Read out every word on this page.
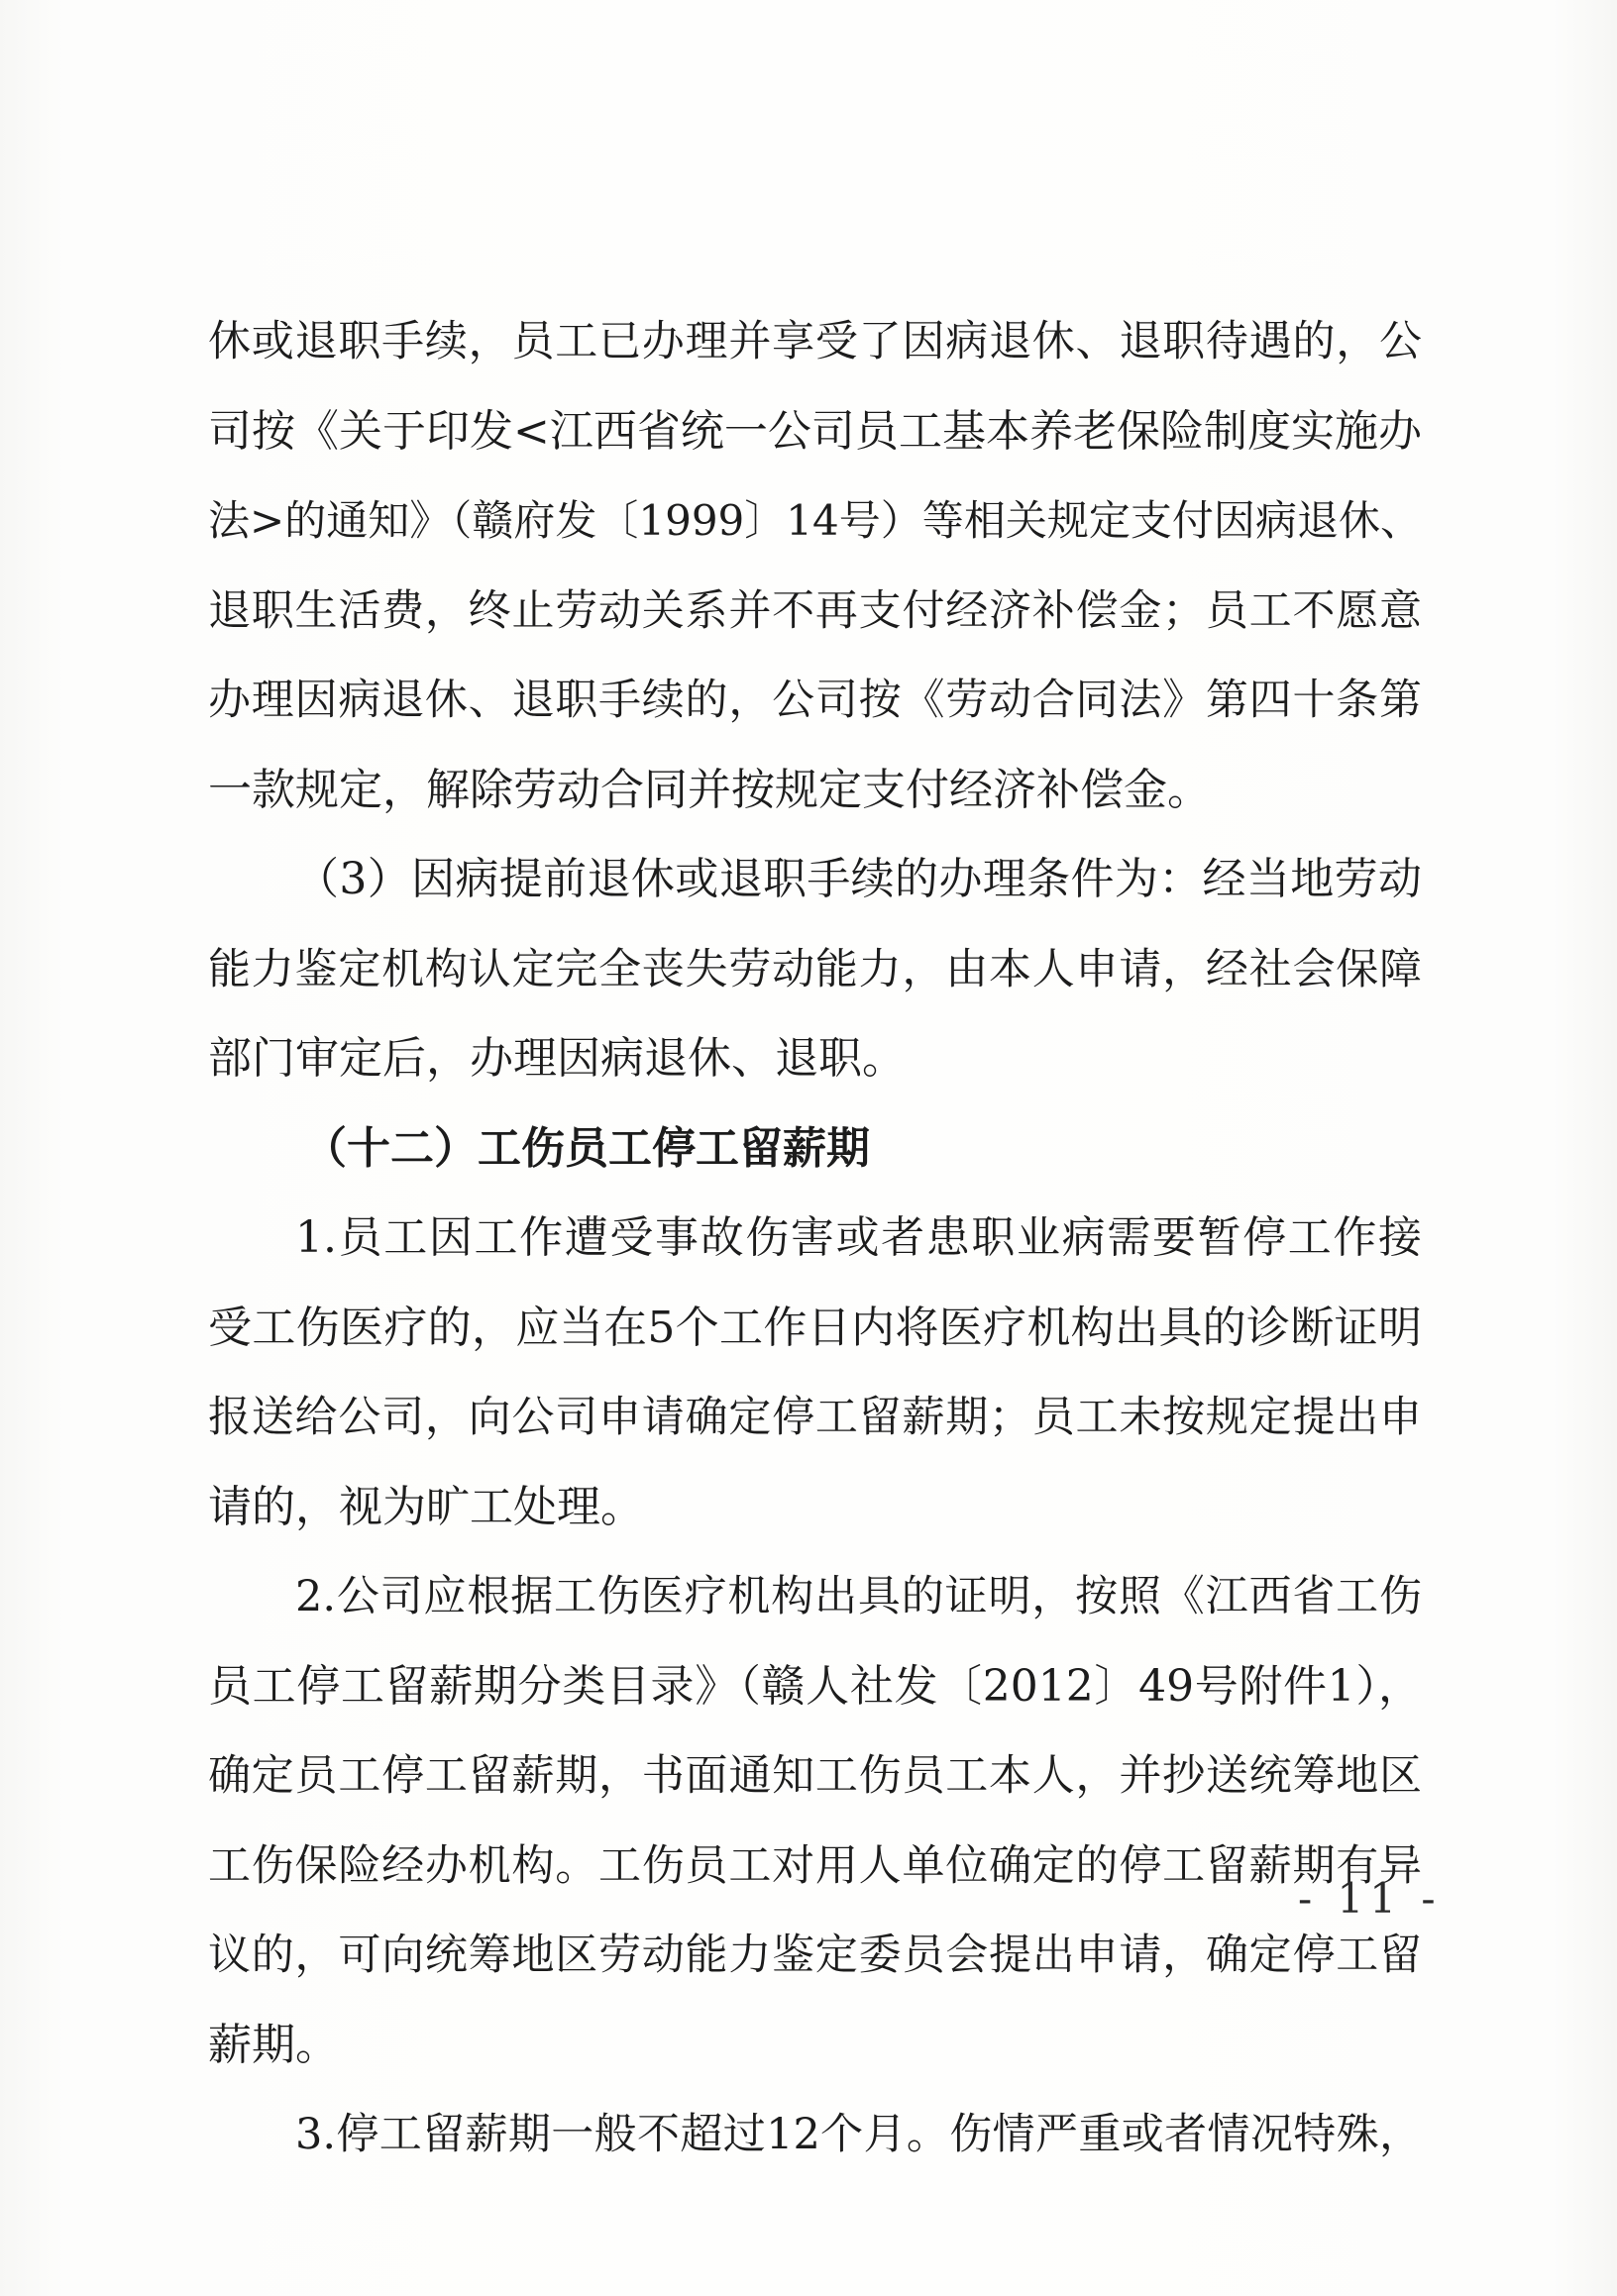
休或退职手续，员工已办理并享受了因病退休、退职待遇的，公
司按《关于印发<江西省统一公司员工基本养老保险制度实施办
法>的通知》（赣府发〔1999〕14号）等相关规定支付因病退休、
退职生活费，终止劳动关系并不再支付经济补偿金；员工不愿意
办理因病退休、退职手续的，公司按《劳动合同法》第四十条第
一款规定，解除劳动合同并按规定支付经济补偿金。
（3）因病提前退休或退职手续的办理条件为：经当地劳动
能力鉴定机构认定完全丧失劳动能力，由本人申请，经社会保障
部门审定后，办理因病退休、退职。
（十二）工伤员工停工留薪期
1.员工因工作遭受事故伤害或者患职业病需要暂停工作接
受工伤医疗的，应当在5个工作日内将医疗机构出具的诊断证明
报送给公司，向公司申请确定停工留薪期；员工未按规定提出申
请的，视为旷工处理。
2.公司应根据工伤医疗机构出具的证明，按照《江西省工伤
员工停工留薪期分类目录》（赣人社发〔2012〕49号附件1），
确定员工停工留薪期，书面通知工伤员工本人，并抄送统筹地区
工伤保险经办机构。工伤员工对用人单位确定的停工留薪期有异
议的，可向统筹地区劳动能力鉴定委员会提出申请，确定停工留
薪期。
3.停工留薪期一般不超过12个月。伤情严重或者情况特殊，
- 11 -
